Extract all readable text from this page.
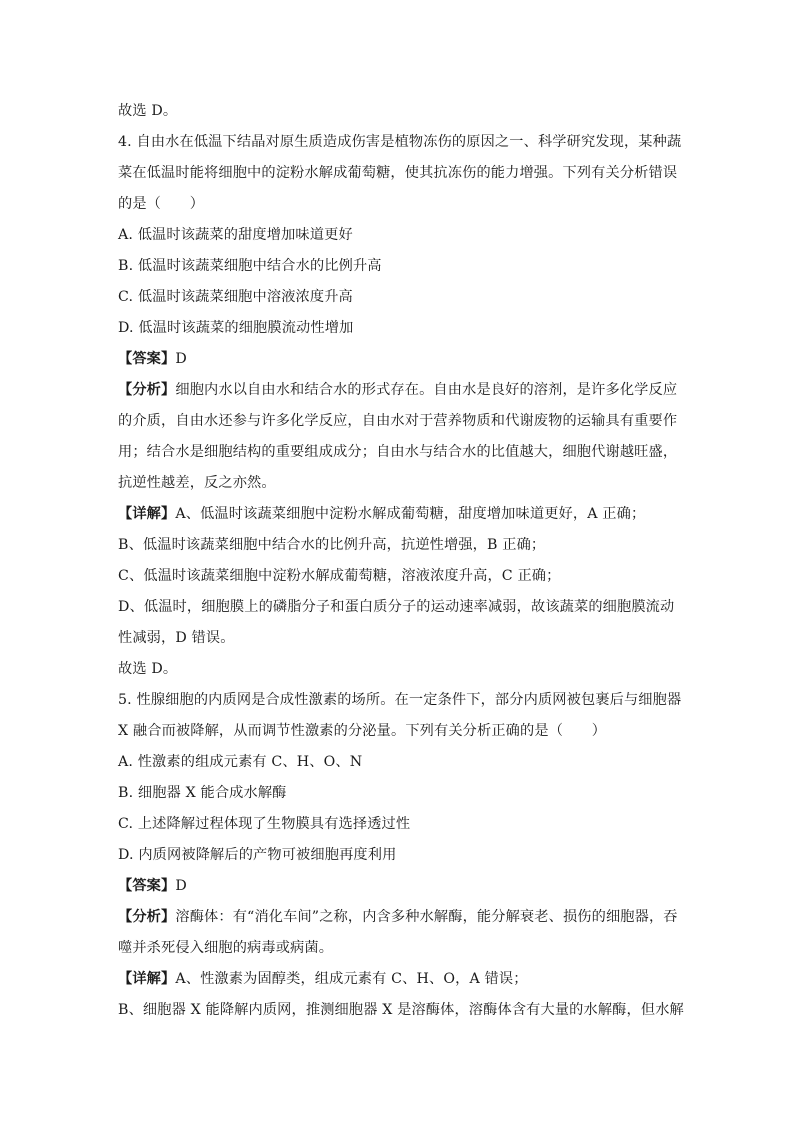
故选 D。
4. 自由水在低温下结晶对原生质造成伤害是植物冻伤的原因之一、科学研究发现，某种蔬
菜在低温时能将细胞中的淀粉水解成葡萄糖，使其抗冻伤的能力增强。下列有关分析错误
的是（　　）
A. 低温时该蔬菜的甜度增加味道更好
B. 低温时该蔬菜细胞中结合水的比例升高
C. 低温时该蔬菜细胞中溶液浓度升高
D. 低温时该蔬菜的细胞膜流动性增加
【答案】D
【分析】细胞内水以自由水和结合水的形式存在。自由水是良好的溶剂，是许多化学反应
的介质，自由水还参与许多化学反应，自由水对于营养物质和代谢废物的运输具有重要作
用；结合水是细胞结构的重要组成成分；自由水与结合水的比值越大，细胞代谢越旺盛，
抗逆性越差，反之亦然。
【详解】A、低温时该蔬菜细胞中淀粉水解成葡萄糖，甜度增加味道更好，A 正确；
B、低温时该蔬菜细胞中结合水的比例升高，抗逆性增强，B 正确；
C、低温时该蔬菜细胞中淀粉水解成葡萄糖，溶液浓度升高，C 正确；
D、低温时，细胞膜上的磷脂分子和蛋白质分子的运动速率减弱，故该蔬菜的细胞膜流动
性减弱，D 错误。
故选 D。
5. 性腺细胞的内质网是合成性激素的场所。在一定条件下，部分内质网被包裹后与细胞器
X 融合而被降解，从而调节性激素的分泌量。下列有关分析正确的是（　　）
A. 性激素的组成元素有 C、H、O、N
B. 细胞器 X 能合成水解酶
C. 上述降解过程体现了生物膜具有选择透过性
D. 内质网被降解后的产物可被细胞再度利用
【答案】D
【分析】溶酶体：有“消化车间”之称，内含多种水解酶，能分解衰老、损伤的细胞器，吞
噬并杀死侵入细胞的病毒或病菌。
【详解】A、性激素为固醇类，组成元素有 C、H、O，A 错误；
B、细胞器 X 能降解内质网，推测细胞器 X 是溶酶体，溶酶体含有大量的水解酶，但水解
